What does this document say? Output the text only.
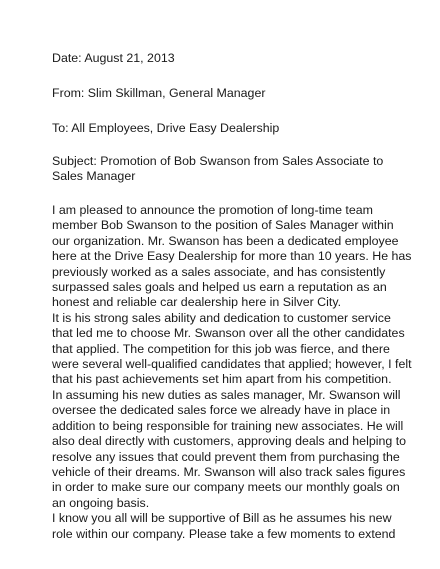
Date: August 21, 2013

From: Slim Skillman, General Manager

To: All Employees, Drive Easy Dealership

Subject: Promotion of Bob Swanson from Sales Associate to
Sales Manager
I am pleased to announce the promotion of long-time team
member Bob Swanson to the position of Sales Manager within
our organization. Mr. Swanson has been a dedicated employee
here at the Drive Easy Dealership for more than 10 years. He has
previously worked as a sales associate, and has consistently
surpassed sales goals and helped us earn a reputation as an
honest and reliable car dealership here in Silver City.
It is his strong sales ability and dedication to customer service
that led me to choose Mr. Swanson over all the other candidates
that applied. The competition for this job was fierce, and there
were several well-qualified candidates that applied; however, I felt
that his past achievements set him apart from his competition.
In assuming his new duties as sales manager, Mr. Swanson will
oversee the dedicated sales force we already have in place in
addition to being responsible for training new associates. He will
also deal directly with customers, approving deals and helping to
resolve any issues that could prevent them from purchasing the
vehicle of their dreams. Mr. Swanson will also track sales figures
in order to make sure our company meets our monthly goals on
an ongoing basis.
I know you all will be supportive of Bill as he assumes his new
role within our company. Please take a few moments to extend
